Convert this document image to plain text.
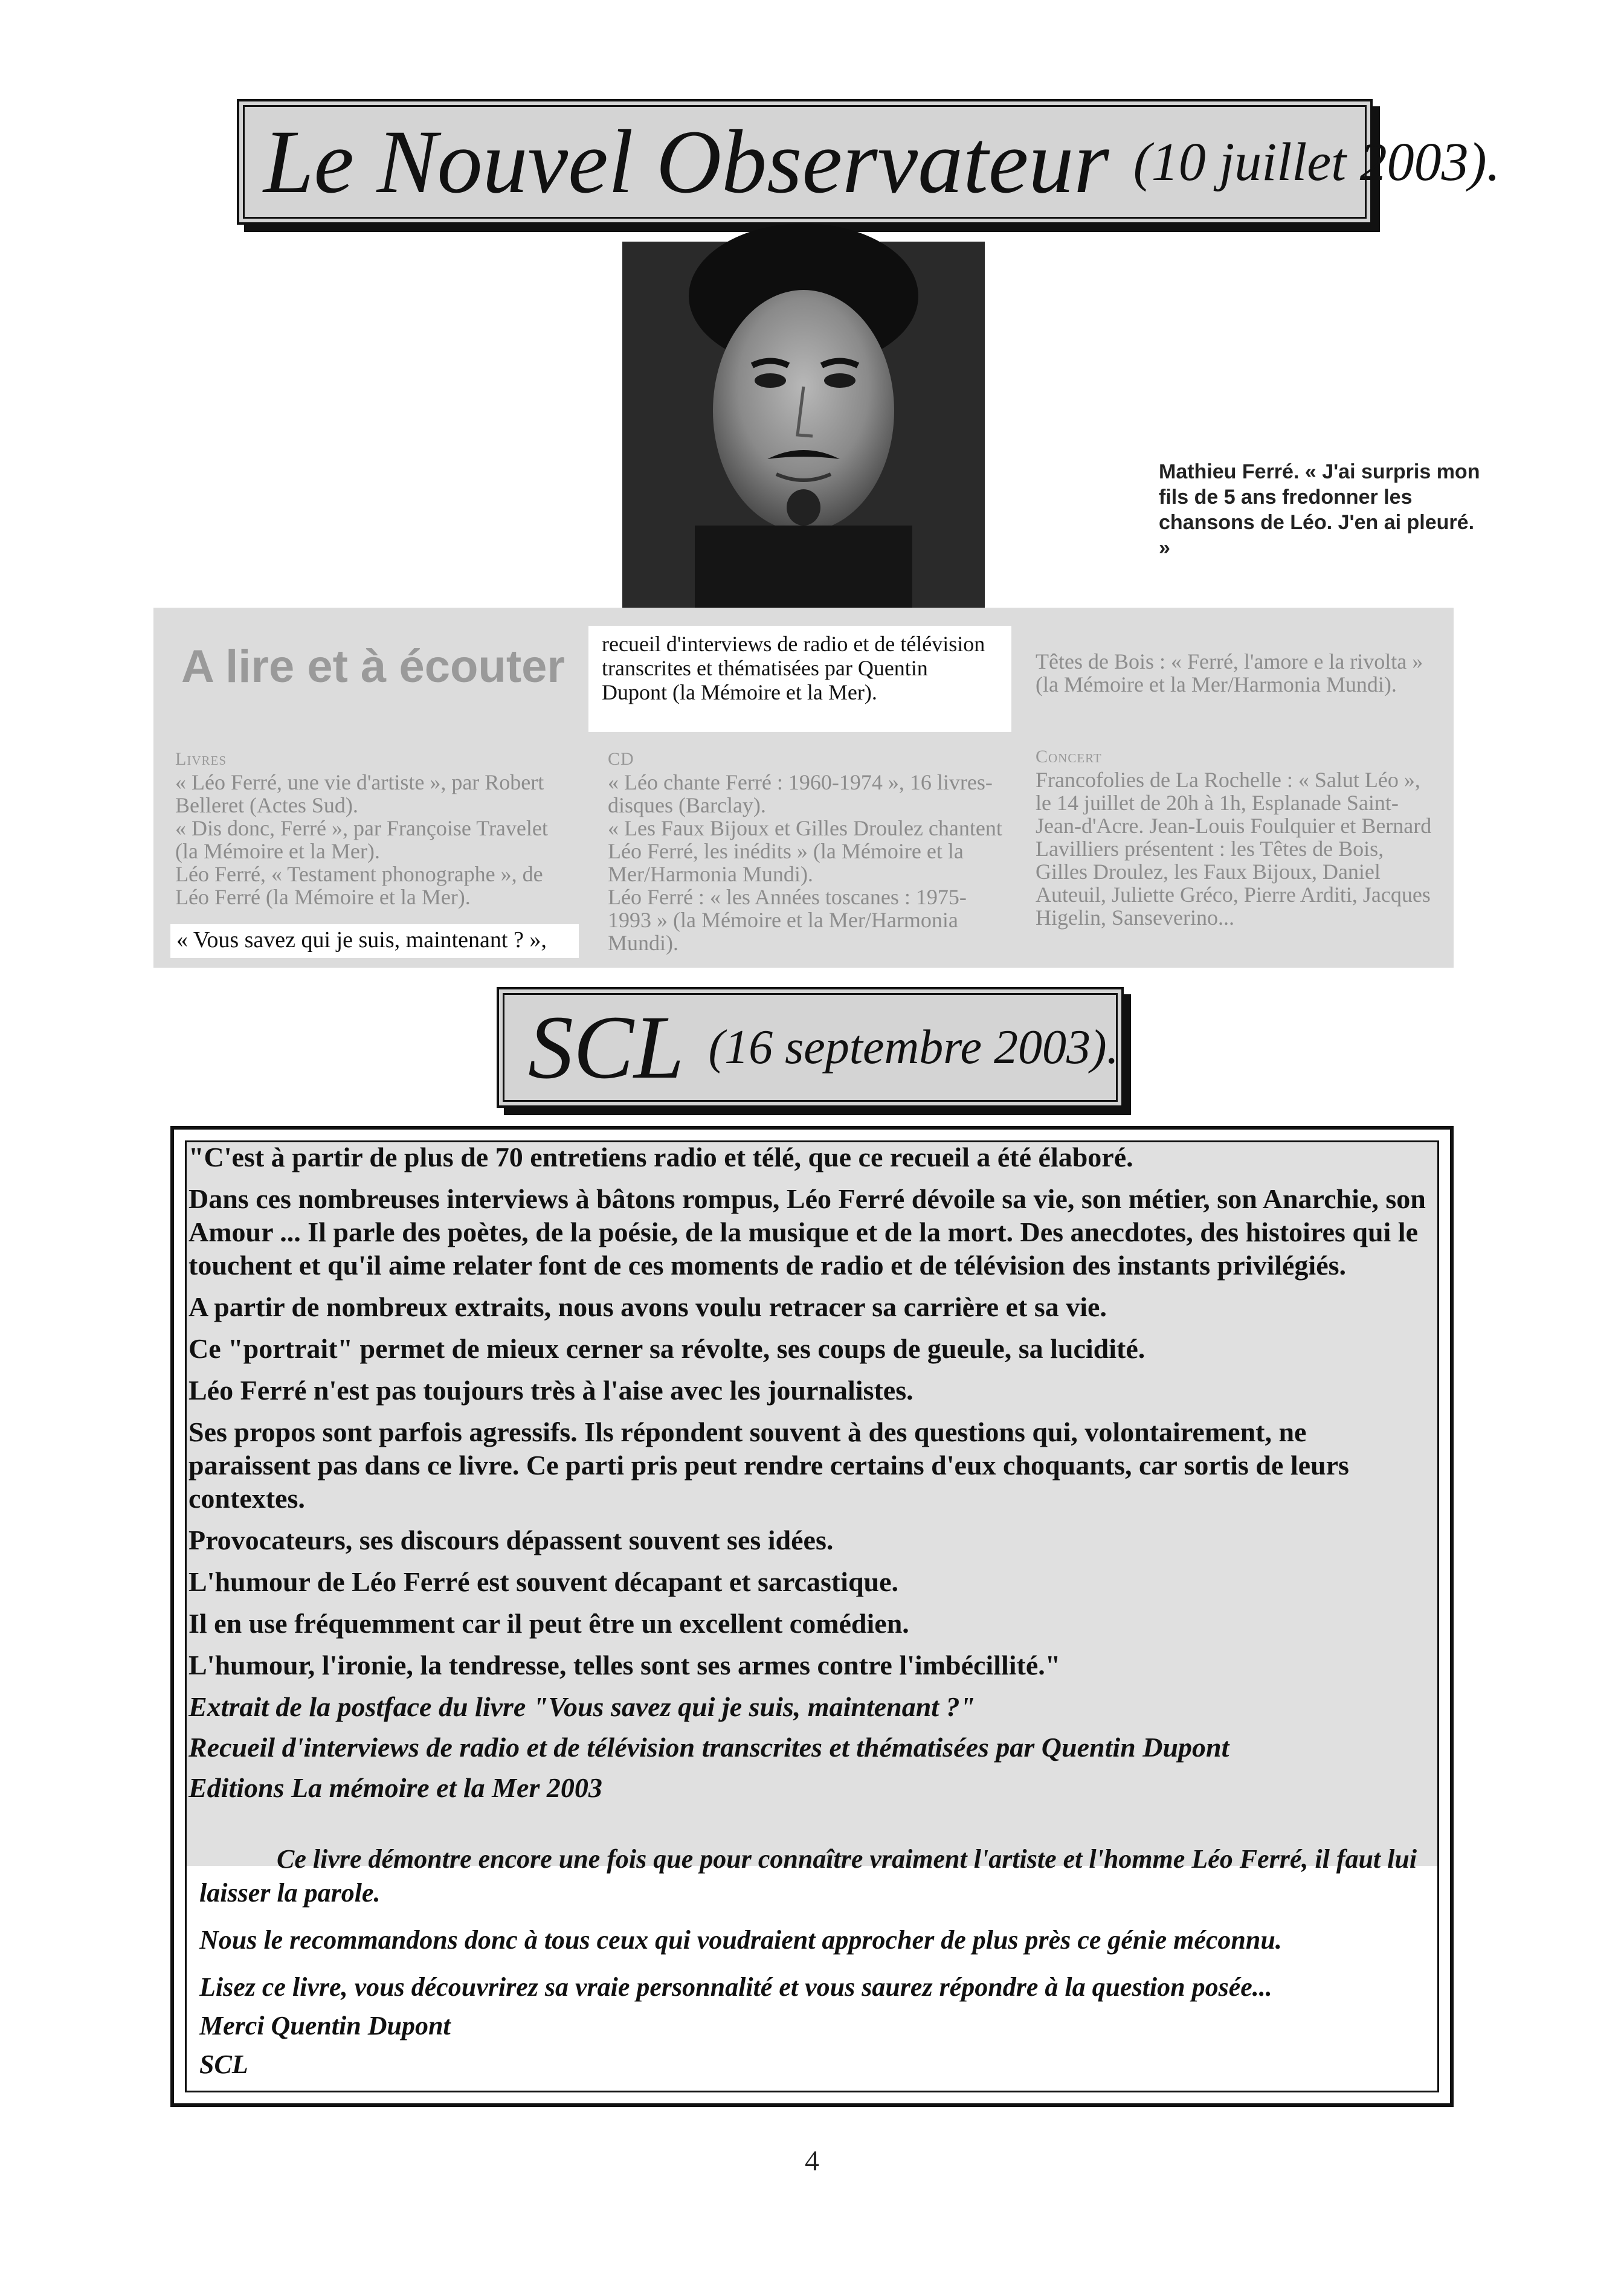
Le Nouvel Observateur (10 juillet 2003).
Mathieu Ferré. « J'ai surpris mon fils de 5 ans fredonner les chansons de Léo. J'en ai pleuré. »
A lire et à écouter
Livres
« Léo Ferré, une vie d'artiste », par Robert Belleret (Actes Sud).
« Dis donc, Ferré », par Françoise Travelet (la Mémoire et la Mer).
Léo Ferré, « Testament phonographe », de Léo Ferré (la Mémoire et la Mer).
« Vous savez qui je suis, maintenant ? »,
recueil d'interviews de radio et de télévision transcrites et thématisées par Quentin Dupont (la Mémoire et la Mer).
CD
« Léo chante Ferré : 1960-1974 », 16 livres-disques (Barclay).
« Les Faux Bijoux et Gilles Droulez chantent Léo Ferré, les inédits » (la Mémoire et la Mer/Harmonia Mundi).
Léo Ferré : « les Années toscanes : 1975-1993 » (la Mémoire et la Mer/Harmonia Mundi).
Têtes de Bois : « Ferré, l'amore e la rivolta » (la Mémoire et la Mer/Harmonia Mundi).
Concert
Francofolies de La Rochelle : « Salut Léo », le 14 juillet de 20h à 1h, Esplanade Saint-Jean-d'Acre. Jean-Louis Foulquier et Bernard Lavilliers présentent : les Têtes de Bois, Gilles Droulez, les Faux Bijoux, Daniel Auteuil, Juliette Gréco, Pierre Arditi, Jacques Higelin, Sanseverino...
SCL (16 septembre 2003).

"C'est à partir de plus de 70 entretiens radio et télé, que ce recueil a été élaboré.

Dans ces nombreuses interviews à bâtons rompus, Léo Ferré dévoile sa vie, son métier, son Anarchie, son Amour ... Il parle des poètes, de la poésie, de la musique et de la mort. Des anecdotes, des histoires qui le touchent et qu'il aime relater font de ces moments de radio et de télévision des instants privilégiés.

A partir de nombreux extraits, nous avons voulu retracer sa carrière et sa vie.

Ce "portrait" permet de mieux cerner sa révolte, ses coups de gueule, sa lucidité.

Léo Ferré n'est pas toujours très à l'aise avec les journalistes.

Ses propos sont parfois agressifs. Ils répondent souvent à des questions qui, volontairement, ne paraissent pas dans ce livre. Ce parti pris peut rendre certains d'eux choquants, car sortis de leurs contextes.

Provocateurs, ses discours dépassent souvent ses idées.

L'humour de Léo Ferré est souvent décapant et sarcastique.

Il en use fréquemment car il peut être un excellent comédien.

L'humour, l'ironie, la tendresse, telles sont ses armes contre l'imbécillité."

Extrait de la postface du livre "Vous savez qui je suis, maintenant ?"

Recueil d'interviews de radio et de télévision transcrites et thématisées par Quentin Dupont

Editions La mémoire et la Mer 2003

Ce livre démontre encore une fois que pour connaître vraiment l'artiste et l'homme Léo Ferré, il faut lui laisser la parole.

Nous le recommandons donc à tous ceux qui voudraient approcher de plus près ce génie méconnu.

Lisez ce livre, vous découvrirez sa vraie personnalité et vous saurez répondre à la question posée...

Merci Quentin Dupont

SCL

4
